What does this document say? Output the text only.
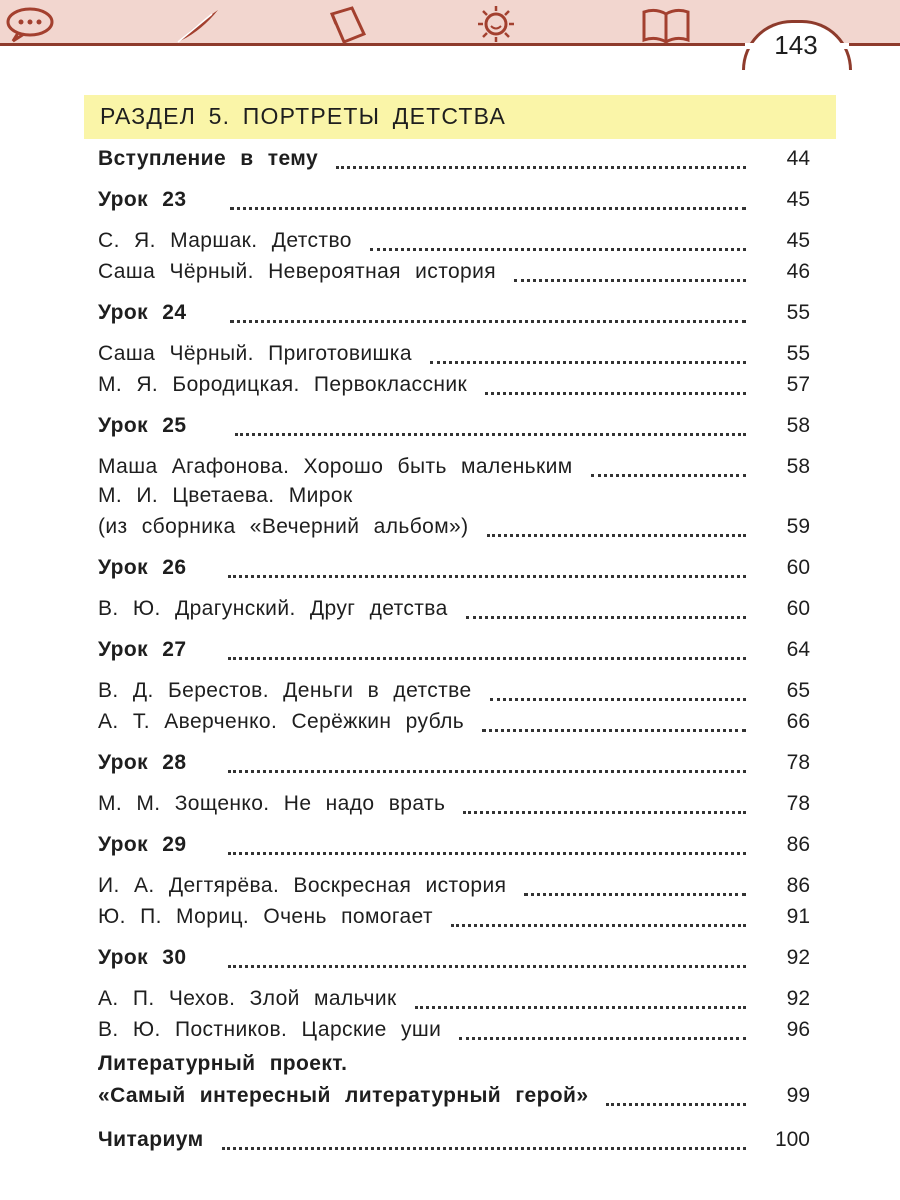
143
РАЗДЕЛ 5. ПОРТРЕТЫ ДЕТСТВА
Вступление в тему	44
Урок 23	45
С. Я. Маршак. Детство	45
Саша Чёрный. Невероятная история	46
Урок 24	55
Саша Чёрный. Приготовишка	55
М. Я. Бородицкая. Первоклассник	57
Урок 25	58
Маша Агафонова. Хорошо быть маленьким	58
М. И. Цветаева. Мирок
(из сборника «Вечерний альбом»)	59
Урок 26	60
В. Ю. Драгунский. Друг детства	60
Урок 27	64
В. Д. Берестов. Деньги в детстве	65
А. Т. Аверченко. Серёжкин рубль	66
Урок 28	78
М. М. Зощенко. Не надо врать	78
Урок 29	86
И. А. Дегтярёва. Воскресная история	86
Ю. П. Мориц. Очень помогает	91
Урок 30	92
А. П. Чехов. Злой мальчик	92
В. Ю. Постников. Царские уши	96
Литературный проект.
«Самый интересный литературный герой»	99
Читариум	100
